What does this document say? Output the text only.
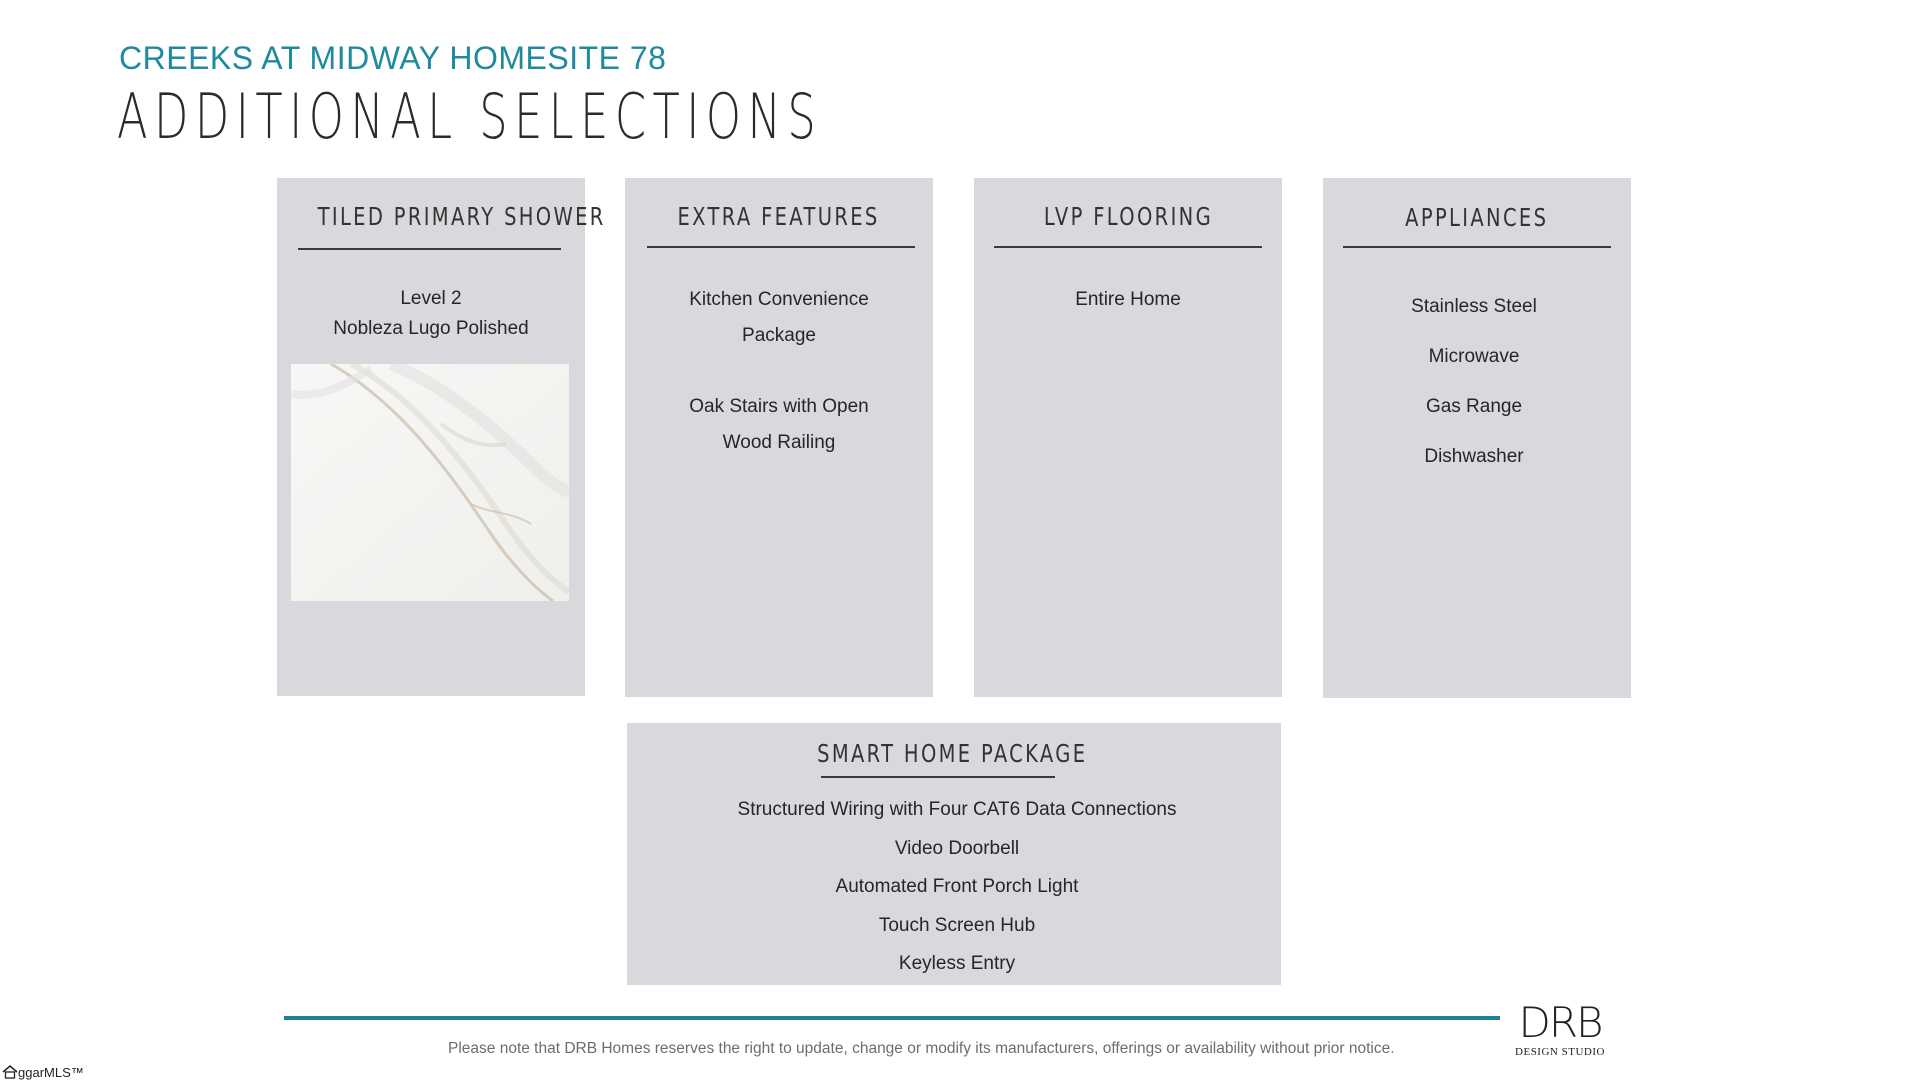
CREEKS AT MIDWAY HOMESITE 78
ADDITIONAL SELECTIONS
TILED PRIMARY SHOWER
Level 2
Nobleza Lugo Polished
EXTRA FEATURES
Kitchen Convenience
Package
Oak Stairs with Open
Wood Railing
LVP FLOORING
Entire Home
APPLIANCES
Stainless Steel
Microwave
Gas Range
Dishwasher
SMART HOME PACKAGE
Structured Wiring with Four CAT6 Data Connections
Video Doorbell
Automated Front Porch Light
Touch Screen Hub
Keyless Entry
Please note that DRB Homes reserves the right to update, change or modify its manufacturers, offerings or availability without prior notice.
DRB
DESIGN STUDIO
ggarMLS™
